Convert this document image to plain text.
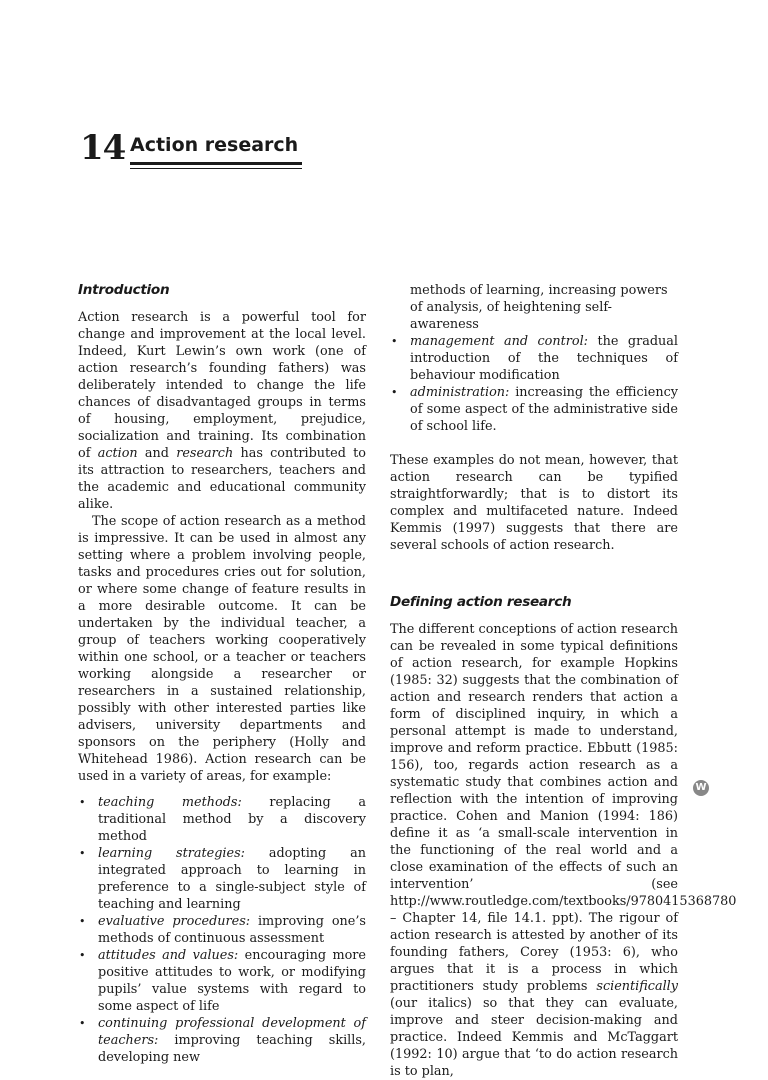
14 Action research
Introduction

Action research is a powerful tool for change and improvement at the local level. Indeed, Kurt Lewin’s own work (one of action research’s founding fathers) was deliberately intended to change the life chances of disadvantaged groups in terms of housing, employment, prejudice, socialization and training. Its combination of action and research has contributed to its attraction to researchers, teachers and the academic and educational community alike.

The scope of action research as a method is impressive. It can be used in almost any setting where a problem involving people, tasks and procedures cries out for solution, or where some change of feature results in a more desirable outcome. It can be undertaken by the individual teacher, a group of teachers working cooperatively within one school, or a teacher or teachers working alongside a researcher or researchers in a sustained relationship, possibly with other interested parties like advisers, university departments and sponsors on the periphery (Holly and Whitehead 1986). Action research can be used in a variety of areas, for example:

• teaching methods: replacing a traditional method by a discovery method
• learning strategies: adopting an integrated approach to learning in preference to a single-subject style of teaching and learning
• evaluative procedures: improving one’s methods of continuous assessment
• attitudes and values: encouraging more positive attitudes to work, or modifying pupils’ value systems with regard to some aspect of life
• continuing professional development of teachers: improving teaching skills, developing new
methods of learning, increasing powers of analysis, of heightening self-awareness
• management and control: the gradual introduction of the techniques of behaviour modification
• administration: increasing the efficiency of some aspect of the administrative side of school life.

These examples do not mean, however, that action research can be typified straightforwardly; that is to distort its complex and multifaceted nature. Indeed Kemmis (1997) suggests that there are several schools of action research.

Defining action research

The different conceptions of action research can be revealed in some typical definitions of action research, for example Hopkins (1985: 32) suggests that the combination of action and research renders that action a form of disciplined inquiry, in which a personal attempt is made to understand, improve and reform practice. Ebbutt (1985: 156), too, regards action research as a systematic study that combines action and reflection with the intention of improving practice. Cohen and Manion (1994: 186) define it as ‘a small-scale intervention in the functioning of the real world and a close examination of the effects of such an intervention’ (see http://www.routledge.com/textbooks/9780415368780 – Chapter 14, file 14.1. ppt). The rigour of action research is attested by another of its founding fathers, Corey (1953: 6), who argues that it is a process in which practitioners study problems scientifically (our italics) so that they can evaluate, improve and steer decision-making and practice. Indeed Kemmis and McTaggart (1992: 10) argue that ‘to do action research is to plan,

W
